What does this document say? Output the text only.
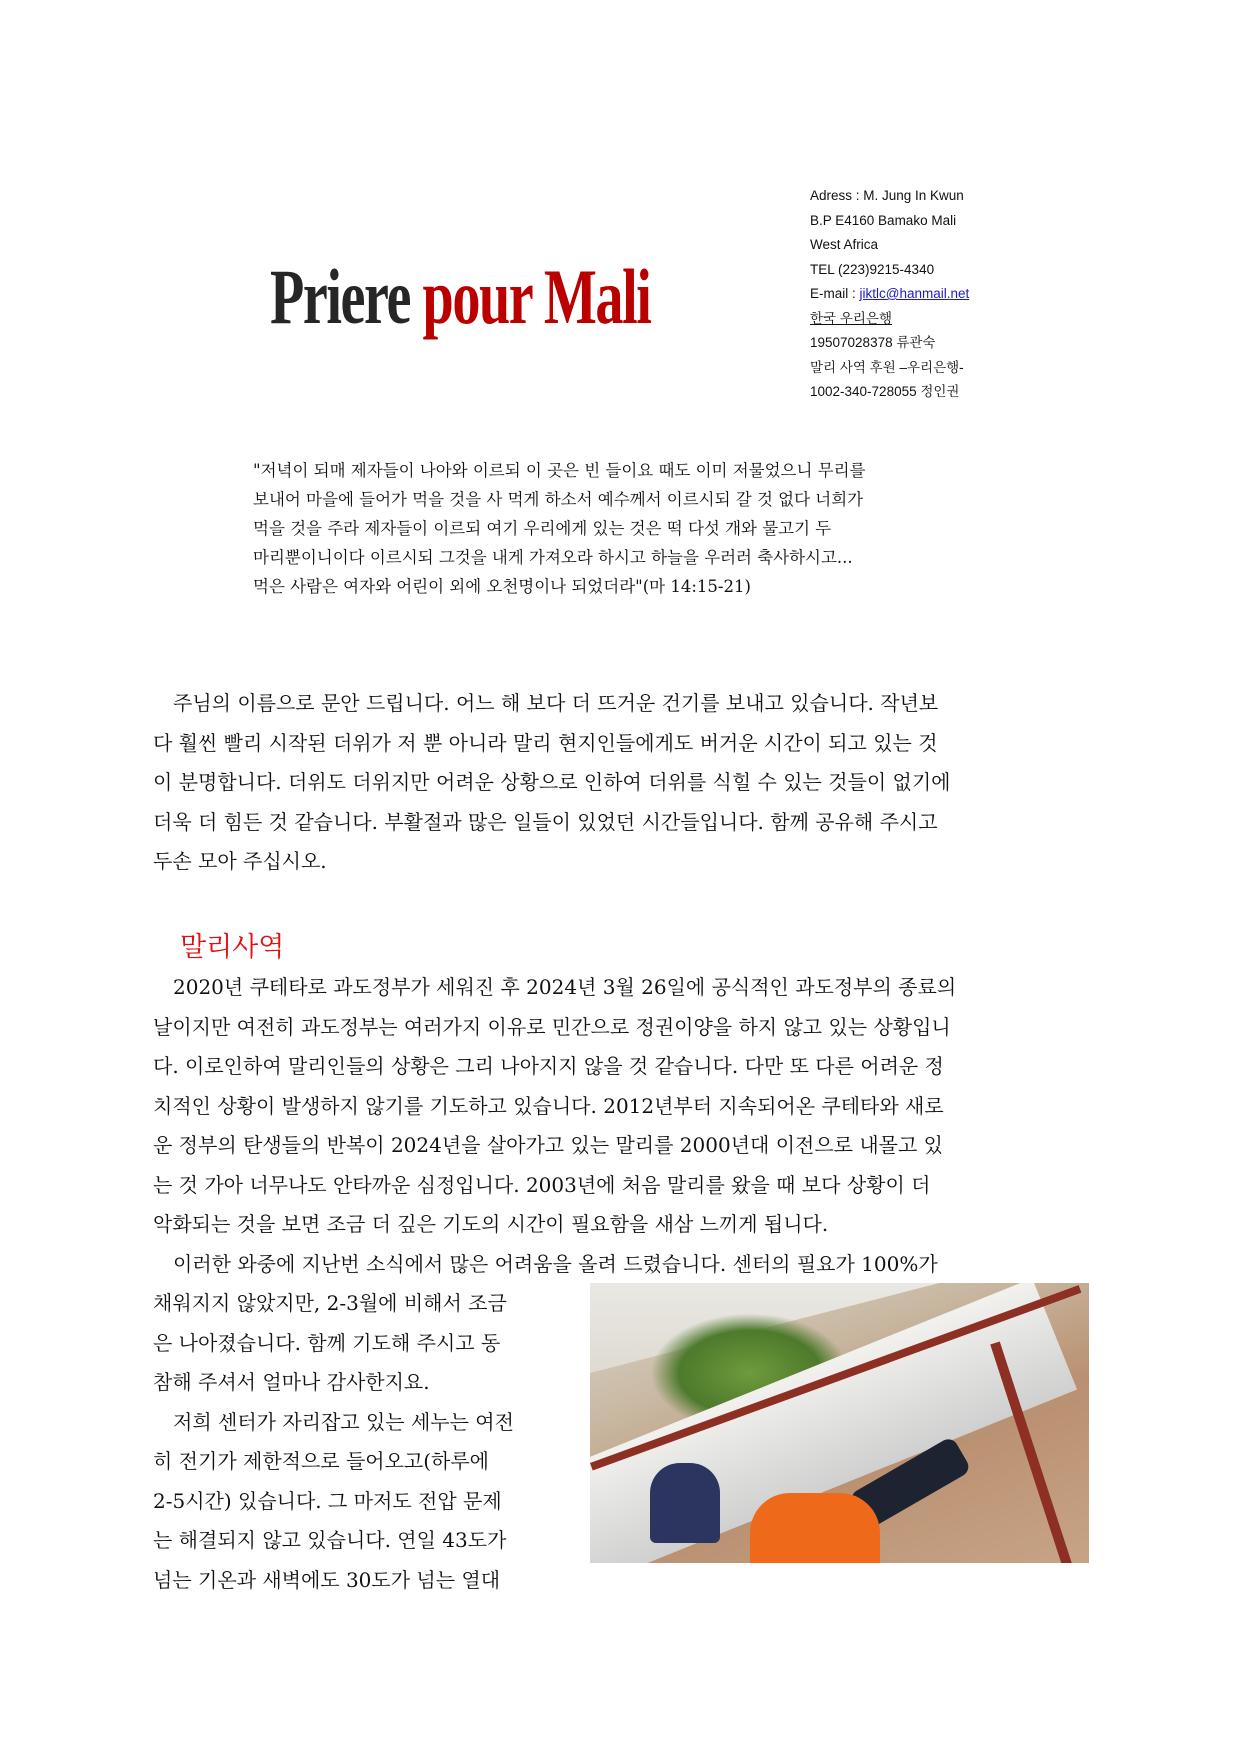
Priere pour Mali
Adress : M. Jung In Kwun
B.P E4160 Bamako Mali
West Africa
TEL (223)9215-4340
E-mail : jiktlc@hanmail.net
한국 우리은행
19507028378 류관숙
말리 사역 후원 –우리은행-
1002-340-728055 정인권
"저녁이 되매 제자들이 나아와 이르되 이 곳은 빈 들이요 때도 이미 저물었으니 무리를
보내어 마을에 들어가 먹을 것을 사 먹게 하소서 예수께서 이르시되 갈 것 없다 너희가
먹을 것을 주라 제자들이 이르되 여기 우리에게 있는 것은 떡 다섯 개와 물고기 두
마리뿐이니이다 이르시되 그것을 내게 가져오라 하시고 하늘을 우러러 축사하시고...
먹은 사람은 여자와 어린이 외에 오천명이나 되었더라"(마 14:15-21)
　주님의 이름으로 문안 드립니다. 어느 해 보다 더 뜨거운 건기를 보내고 있습니다. 작년보
다 훨씬 빨리 시작된 더위가 저 뿐 아니라 말리 현지인들에게도 버거운 시간이 되고 있는 것
이 분명합니다. 더위도 더위지만 어려운 상황으로 인하여 더위를 식힐 수 있는 것들이 없기에
더욱 더 힘든 것 같습니다. 부활절과 많은 일들이 있었던 시간들입니다. 함께 공유해 주시고
두손 모아 주십시오.
말리사역
　2020년 쿠테타로 과도정부가 세워진 후 2024년 3월 26일에 공식적인 과도정부의 종료의
날이지만 여전히 과도정부는 여러가지 이유로 민간으로 정권이양을 하지 않고 있는 상황입니
다. 이로인하여 말리인들의 상황은 그리 나아지지 않을 것 같습니다. 다만 또 다른 어려운 정
치적인 상황이 발생하지 않기를 기도하고 있습니다. 2012년부터 지속되어온 쿠테타와 새로
운 정부의 탄생들의 반복이 2024년을 살아가고 있는 말리를 2000년대 이전으로 내몰고 있
는 것 가아 너무나도 안타까운 심정입니다. 2003년에 처음 말리를 왔을 때 보다 상황이 더
악화되는 것을 보면 조금 더 깊은 기도의 시간이 필요함을 새삼 느끼게 됩니다.
　이러한 와중에 지난번 소식에서 많은 어려움을 올려 드렸습니다. 센터의 필요가 100%가
채워지지 않았지만, 2-3월에 비해서 조금
은 나아졌습니다. 함께 기도해 주시고 동
참해 주셔서 얼마나 감사한지요.
　저희 센터가 자리잡고 있는 세누는 여전
히 전기가 제한적으로 들어오고(하루에
2-5시간) 있습니다. 그 마저도 전압 문제
는 해결되지 않고 있습니다. 연일 43도가
넘는 기온과 새벽에도 30도가 넘는 열대
